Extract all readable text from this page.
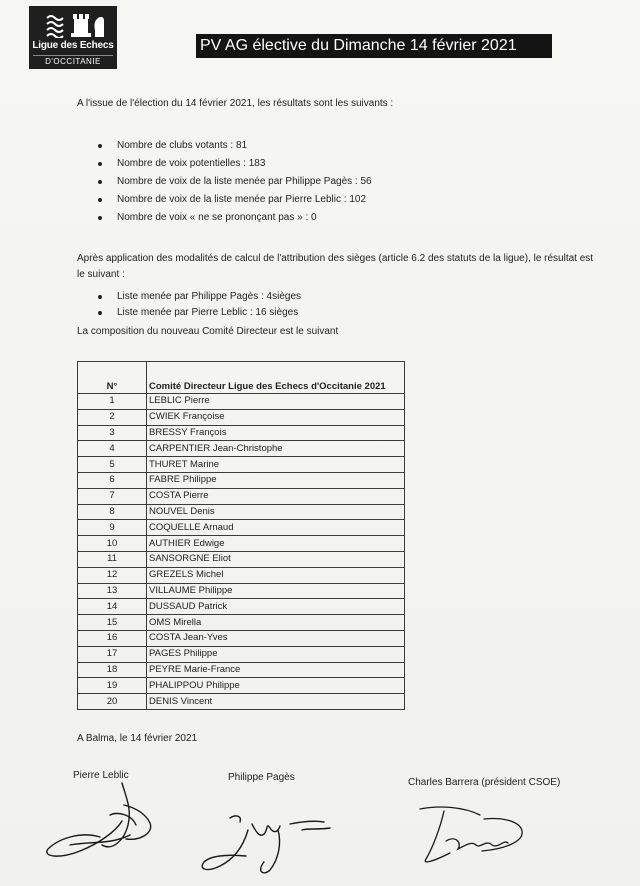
Ligue des Echecs
D'OCCITANIE
PV AG élective du Dimanche 14 février 2021
A l'issue de l'élection du 14 février 2021, les résultats sont les suivants :
Nombre de clubs votants : 81
Nombre de voix potentielles : 183
Nombre de voix de la liste menée par Philippe Pagès : 56
Nombre de voix de la liste menée par Pierre Leblic : 102
Nombre de voix « ne se prononçant pas » : 0
Après application des modalités de calcul de l'attribution des sièges (article 6.2 des statuts de la ligue), le résultat est le suivant :
Liste menée par Philippe Pagès : 4sièges
Liste menée par Pierre Leblic : 16 sièges
La composition du nouveau Comité Directeur est le suivant
N°	Comité Directeur Ligue des Echecs d'Occitanie 2021
1	LEBLIC Pierre
2	CWIEK Françoise
3	BRESSY François
4	CARPENTIER Jean-Christophe
5	THURET Marine
6	FABRE Philippe
7	COSTA Pierre
8	NOUVEL Denis
9	COQUELLE Arnaud
10	AUTHIER Edwige
11	SANSORGNE Eliot
12	GREZELS Michel
13	VILLAUME Philippe
14	DUSSAUD Patrick
15	OMS Mirella
16	COSTA Jean-Yves
17	PAGES Philippe
18	PEYRE Marie-France
19	PHALIPPOU Philippe
20	DENIS Vincent
A Balma, le 14 février 2021
Pierre Leblic	Philippe Pagès	Charles Barrera (président CSOE)
